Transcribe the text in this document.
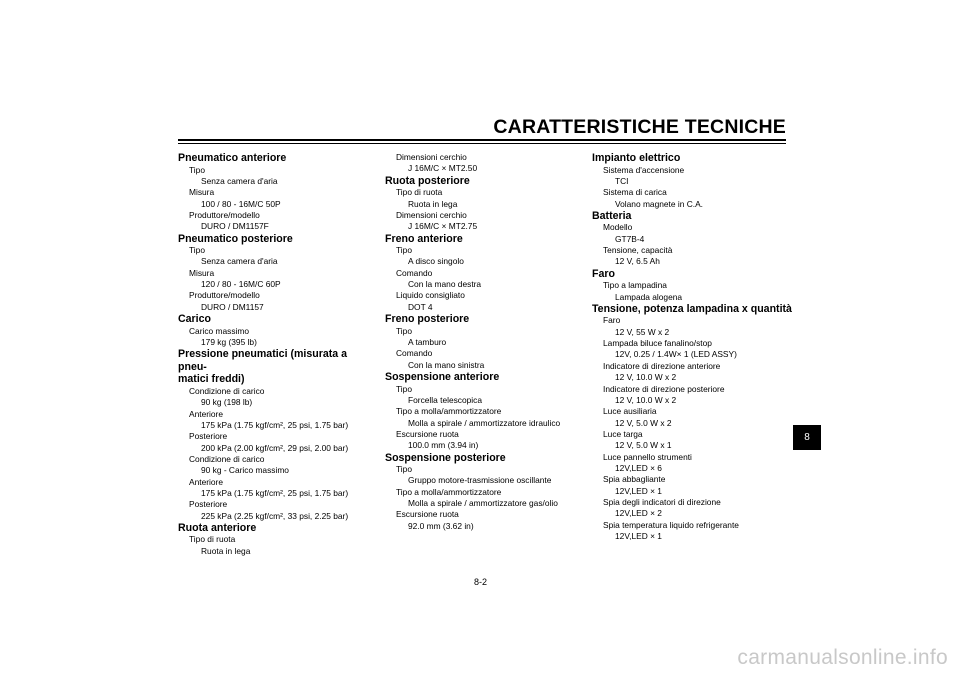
CARATTERISTICHE TECNICHE
Pneumatico anteriore
Tipo
Senza camera d'aria
Misura
100 / 80 - 16M/C 50P
Produttore/modello
DURO / DM1157F
Pneumatico posteriore
Tipo
Senza camera d'aria
Misura
120 / 80 - 16M/C 60P
Produttore/modello
DURO / DM1157
Carico
Carico massimo
179 kg (395 lb)
Pressione pneumatici (misurata a pneu-
matici freddi)
Condizione di carico
90 kg (198 lb)
Anteriore
175 kPa (1.75 kgf/cm², 25 psi, 1.75 bar)
Posteriore
200 kPa (2.00 kgf/cm², 29 psi, 2.00 bar)
Condizione di carico
90 kg - Carico massimo
Anteriore
175 kPa (1.75 kgf/cm², 25 psi, 1.75 bar)
Posteriore
225 kPa (2.25 kgf/cm², 33 psi, 2.25 bar)
Ruota anteriore
Tipo di ruota
Ruota in lega
Dimensioni cerchio
J 16M/C × MT2.50
Ruota posteriore
Tipo di ruota
Ruota in lega
Dimensioni cerchio
J 16M/C × MT2.75
Freno anteriore
Tipo
A disco singolo
Comando
Con la mano destra
Liquido consigliato
DOT 4
Freno posteriore
Tipo
A tamburo
Comando
Con la mano sinistra
Sospensione anteriore
Tipo
Forcella telescopica
Tipo a molla/ammortizzatore
Molla a spirale / ammortizzatore idraulico
Escursione ruota
100.0 mm (3.94 in)
Sospensione posteriore
Tipo
Gruppo motore-trasmissione oscillante
Tipo a molla/ammortizzatore
Molla a spirale / ammortizzatore gas/olio
Escursione ruota
92.0 mm (3.62 in)
Impianto elettrico
Sistema d'accensione
TCI
Sistema di carica
Volano magnete in C.A.
Batteria
Modello
GT7B-4
Tensione, capacità
12 V, 6.5 Ah
Faro
Tipo a lampadina
Lampada alogena
Tensione, potenza lampadina x quantità
Faro
12 V, 55 W x 2
Lampada biluce fanalino/stop
12V, 0.25 / 1.4W× 1 (LED ASSY)
Indicatore di direzione anteriore
12 V, 10.0 W x 2
Indicatore di direzione posteriore
12 V, 10.0 W x 2
Luce ausiliaria
12 V, 5.0 W x 2
Luce targa
12 V, 5.0 W x 1
Luce pannello strumenti
12V,LED × 6
Spia abbagliante
12V,LED × 1
Spia degli indicatori di direzione
12V,LED × 2
Spia temperatura liquido refrigerante
12V,LED × 1
8-2
8
carmanualsonline.info
